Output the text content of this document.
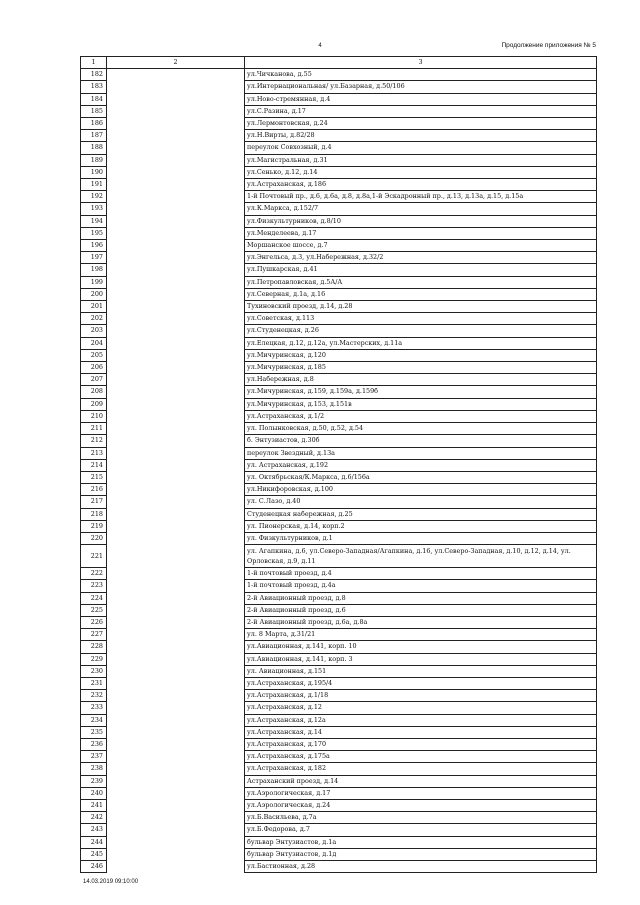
4	Продолжение приложения № 5
1	2	3
182		ул.Чичканова, д.55
183		ул.Интернациональная/ ул.Базарная, д.50/106
184		ул.Ново-стремянная, д.4
185		ул.С.Разина, д.17
186		ул.Лермонтовская, д.24
187		ул.Н.Вирты, д.82/28
188		переулок Совхозный, д.4
189		ул.Магистральная, д.31
190		ул.Сенько, д.12, д.14
191		ул.Астраханская, д.186
192		1-й Почтовый пр., д.6, д.6а, д.8, д.8а,1-й Эскадронный пр., д.13, д.13а, д.15, д.15а
193		ул.К.Маркса, д.152/7
194		ул.Физкультурников, д.8/10
195		ул.Менделеева, д.17
196		Моршанское шоссе, д.7
197		ул.Энгельса, д.3, ул.Набережная, д.32/2
198		ул.Пушкарская, д.41
199		ул.Петропавловская, д.5А/А
200		ул.Северная, д.1а, д.16
201		Тухиновский проезд, д.14, д.28
202		ул.Советская, д.113
203		ул.Студенецкая, д.26
204		ул.Елецкая, д.12, д.12а, ул.Мастерских, д.11а
205		ул.Мичуринская, д.120
206		ул.Мичуринская, д.185
207		ул.Набережная, д.8
208		ул.Мичуринская, д.159, д.159а, д.159б
209		ул.Мичуринская, д.153, д.151в
210		ул.Астраханская, д.1/2
211		ул. Полынковская, д.50, д.52, д.54
212		б. Энтузиастов, д.30б
213		переулок Звездный, д.13а
214		ул. Астраханская, д.192
215		ул. Октябрьская/К.Маркса, д.6/156а
216		ул.Никифоровская, д.100
217		ул. С.Лазо, д.40
218		Студенецкая набережная, д.25
219		ул. Пионерская, д.14, корп.2
220		ул. Физкультурников, д.1
221		ул. Агапкина, д.6, ул.Северо-Западная/Агапкина, д.16, ул.Северо-Западная, д.10, д.12, д.14, ул. Орловская, д.9, д.11
222		1-й почтовый проезд, д.4
223		1-й почтовый проезд, д.4а
224		2-й Авиационный проезд, д.8
225		2-й Авиационный проезд, д.6
226		2-й Авиационный проезд, д.6а, д.8а
227		ул. 8 Марта, д.31/21
228		ул.Авиационная, д.141, корп. 10
229		ул.Авиационная, д.141, корп. 3
230		ул. Авиационная, д.151
231		ул.Астраханская, д.195/4
232		ул.Астраханская, д.1/18
233		ул.Астраханская, д.12
234		ул.Астраханская, д.12а
235		ул.Астраханская, д.14
236		ул.Астраханская, д.170
237		ул.Астраханская, д.175а
238		ул.Астраханская, д.182
239		Астраханский проезд, д.14
240		ул.Аэрологическая, д.17
241		ул.Аэрологическая, д.24
242		ул.Б.Васильева, д.7а
243		ул.Б.Федорова, д.7
244		бульвар Энтузиастов, д.1а
245		бульвар Энтузиастов, д.1д
246		ул.Бастионная, д.28
14.03.2019 09:10:00
